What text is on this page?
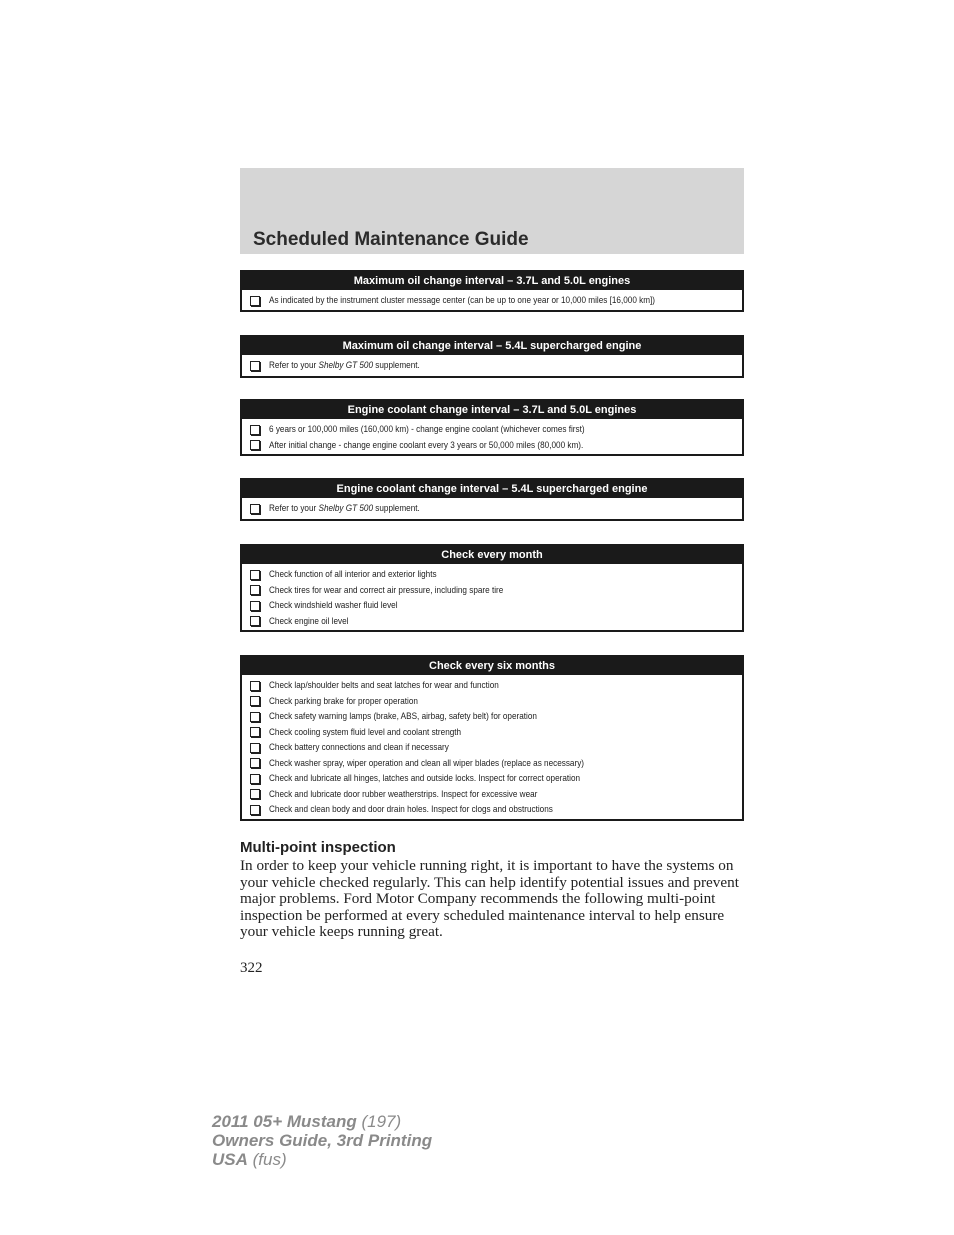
Scheduled Maintenance Guide
Maximum oil change interval – 3.7L and 5.0L engines
As indicated by the instrument cluster message center (can be up to one year or 10,000 miles [16,000 km])
Maximum oil change interval – 5.4L supercharged engine
Refer to your Shelby GT 500 supplement.
Engine coolant change interval – 3.7L and 5.0L engines
6 years or 100,000 miles (160,000 km) - change engine coolant (whichever comes first)
After initial change - change engine coolant every 3 years or 50,000 miles (80,000 km).
Engine coolant change interval – 5.4L supercharged engine
Refer to your Shelby GT 500 supplement.
Check every month
Check function of all interior and exterior lights
Check tires for wear and correct air pressure, including spare tire
Check windshield washer fluid level
Check engine oil level
Check every six months
Check lap/shoulder belts and seat latches for wear and function
Check parking brake for proper operation
Check safety warning lamps (brake, ABS, airbag, safety belt) for operation
Check cooling system fluid level and coolant strength
Check battery connections and clean if necessary
Check washer spray, wiper operation and clean all wiper blades (replace as necessary)
Check and lubricate all hinges, latches and outside locks. Inspect for correct operation
Check and lubricate door rubber weatherstrips. Inspect for excessive wear
Check and clean body and door drain holes. Inspect for clogs and obstructions
Multi-point inspection
In order to keep your vehicle running right, it is important to have the systems on your vehicle checked regularly. This can help identify potential issues and prevent major problems. Ford Motor Company recommends the following multi-point inspection be performed at every scheduled maintenance interval to help ensure your vehicle keeps running great.
322
2011 05+ Mustang (197)
Owners Guide, 3rd Printing
USA (fus)
